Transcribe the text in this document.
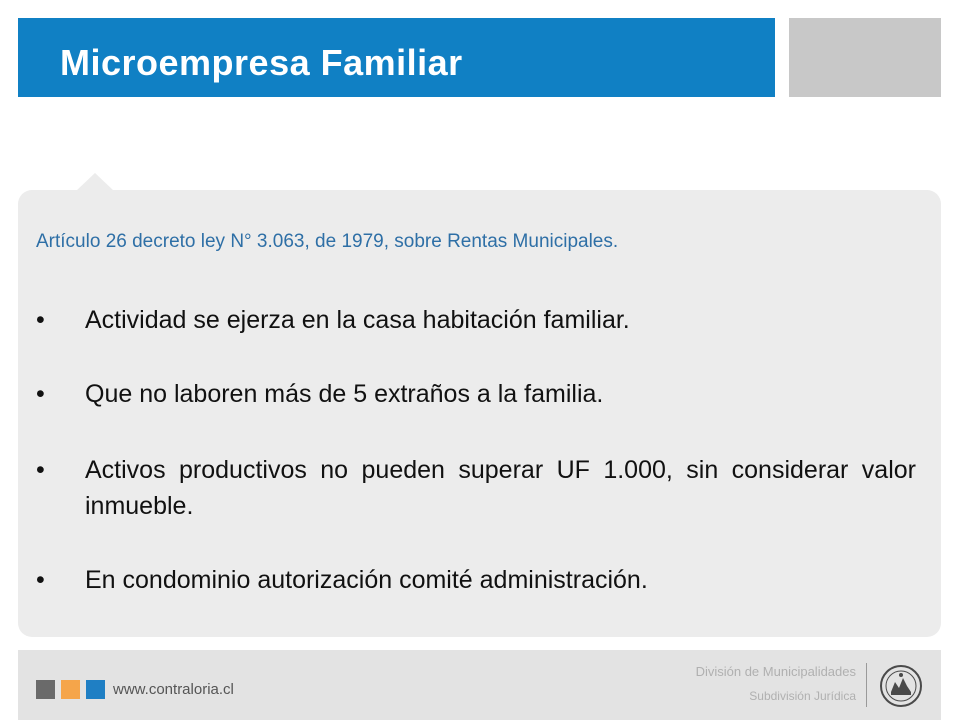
Microempresa Familiar
Artículo 26 decreto ley N° 3.063, de 1979, sobre Rentas Municipales.
• Actividad se ejerza en la casa habitación familiar.
• Que no laboren más de 5 extraños a la familia.
• Activos productivos no pueden superar UF 1.000, sin considerar valor inmueble.
• En condominio autorización comité administración.
www.contraloria.cl
División de Municipalidades
Subdivisión Jurídica
